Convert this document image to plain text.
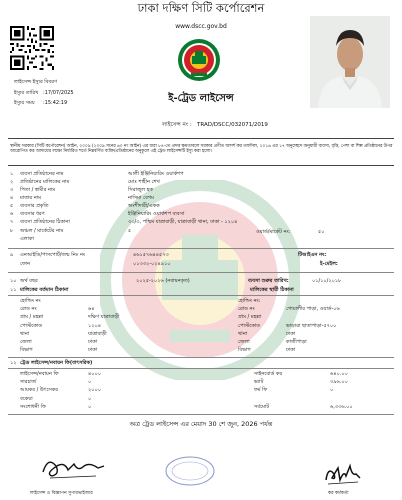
ঢাকা দক্ষিণ সিটি কর্পোরেশন
www.dscc.gov.bd
লাইসেন্স ইস্যুর বিবরণ
ইস্যুর তারিখ :17/07/2025
ইস্যুর সময় :15:42:19	ই-ট্রেড লাইসেন্স
লাইসেন্স নং : TRAD/DSCC/032071/2019
স্থানীয় সরকার (সিটি কর্পোরেশন) আইন, ২০০৯ (২০০৯ সনের ৬০ নং আইন) এর ধারা ৮৪-তে প্রদত্ত ক্ষমতাবলে সরকার প্রণীত আদর্শ কর তফসিল, ২০১৬ এর ১৭ অনুচ্ছেদে অনুযায়ী ব্যবসা, বৃত্তি, পেশা বা শিল্প প্রতিষ্ঠানের উপর আরোপিত কর আদায়ের লক্ষ্যে নির্ধারিত শর্তে নিম্নবর্ণিত ব্যক্তি/প্রতিষ্ঠানের অনুকূলে এই ট্রেড লাইসেন্সটি ইস্যু করা হলো।
১ ব্যবসা প্রতিষ্ঠানের নাম	আলী ইঞ্জিনিয়ারিং ওয়ার্কশপ
২ প্রতিষ্ঠানের মালিকের নাম	মোঃ শাহীন শেখ
৩ পিতা / স্বামীর নাম	সিরাজুল হক
৪ মাতার নাম	নাসিমা বেগম
৫ ব্যবসার প্রকৃতি	অংশীদারী/একক
৬ ব্যবসার ধরণ	ইঞ্জিনিয়ারিং ওয়ার্কশপ ব্যবসা
৭ ব্যবসা প্রতিষ্ঠানের ঠিকানা	৩৩/৩, পশ্চিম যাত্রাবাড়ী, যাত্রাবাড়ী থানা, ঢাকা - ১২০৪
৮ অঞ্চল / মার্কেটের নাম	৫
এলাকা
ওয়ার্ড/মার্কেট নং:	৫০
৯ এনআইডি/পাসপোর্ট/জন্ম নিঃ নং	৪৬১৫৭৬৪৪৫৭৩	টিআইএন নং:
ফোন	০১৩৩২-০২৪৯১০	ই-মেইল:
১০ অর্থ বছর	২০২৫-২০২৬ (নবায়নকৃত)	ব্যবসা শুরুর তারিখ:	০১/১০/২০১৮
১১ মালিকের বর্তমান ঠিকানা	মালিকের স্থায়ী ঠিকানা
হোল্ডিং নং	হোল্ডিং নং:
রোড নং	৬৪	রোড নং	গোয়ালীর পাড়া, ওয়ার্ড-০৬
গ্রাম / মহল্লা	দক্ষিণ যাত্রাবাড়ী	গ্রাম / মহল্লা
পোস্টকোড	১২০৪	পোস্টকোড	ভাড়ারা ছাতাপাড়া-৫৭০০
থানা	যাত্রাবাড়ী	থানা	ঢাকা
জেলা	ঢাকা	জেলা	কাজীপাড়া
বিভাগ	ঢাকা	বিভাগ	ঢাকা
১২ ট্রেড লাইসেন্স/নবায়ন ফি(বাৎসরিক)
লাইসেন্স/নবায়ন ফি	৪০০০	সাইনবোর্ড কর	৬৪০.০০
সারচার্জ	০	ভ্যাট	৩৯৬.০০
আয়কর / উৎসেকর	২০০০	ফর্ম ফি	০
বকেয়া	০
সংশোধনী ফি	০	সর্বমোট	৬,৩৩৬.০০
অত্র ট্রেড লাইসেন্স এর মেয়াদ 30 শে জুন, 2026 পর্যন্ত
লাইসেন্স ও বিজ্ঞাপন সুপারভাইজার	কর কর্মকর্তা
